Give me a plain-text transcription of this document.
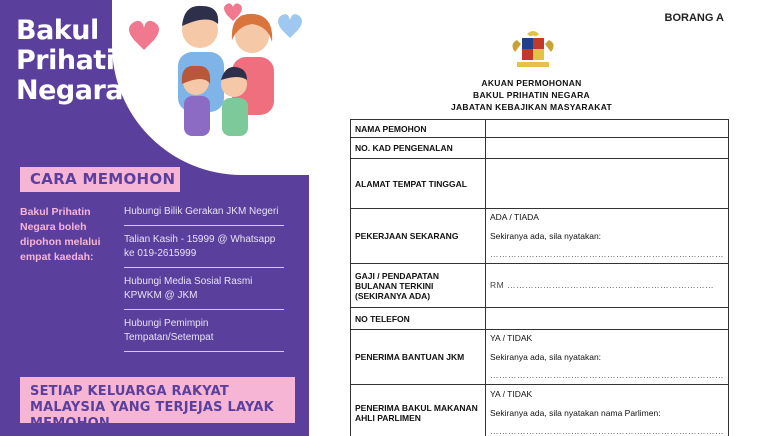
Bakul
Prihatin
Negara
CARA MEMOHON
Bakul Prihatin Negara boleh dipohon melalui empat kaedah:
Hubungi Bilik Gerakan JKM Negeri
Talian Kasih - 15999 @ Whatsapp ke 019-2615999
Hubungi Media Sosial Rasmi KPWKM @ JKM
Hubungi Pemimpin Tempatan/Setempat
SETIAP KELUARGA RAKYAT MALAYSIA YANG TERJEJAS LAYAK MEMOHON
BORANG A
AKUAN PERMOHONAN
BAKUL PRIHATIN NEGARA
JABATAN KEBAJIKAN MASYARAKAT
NAMA PEMOHON	
NO. KAD PENGENALAN	
ALAMAT TEMPAT TINGGAL	
PEKERJAAN SEKARANG	ADA / TIADA
Sekiranya ada, sila nyatakan:
……………………………………………………………………

GAJI / PENDAPATAN BULANAN TERKINI (SEKIRANYA ADA)	RM ……………………………………………………………

NO TELEFON	
PENERIMA BANTUAN JKM	YA / TIDAK
Sekiranya ada, sila nyatakan:
……………………………………………………………………

PENERIMA BAKUL MAKANAN AHLI PARLIMEN	YA / TIDAK
Sekiranya ada, sila nyatakan nama Parlimen:
……………………………………………………………………
